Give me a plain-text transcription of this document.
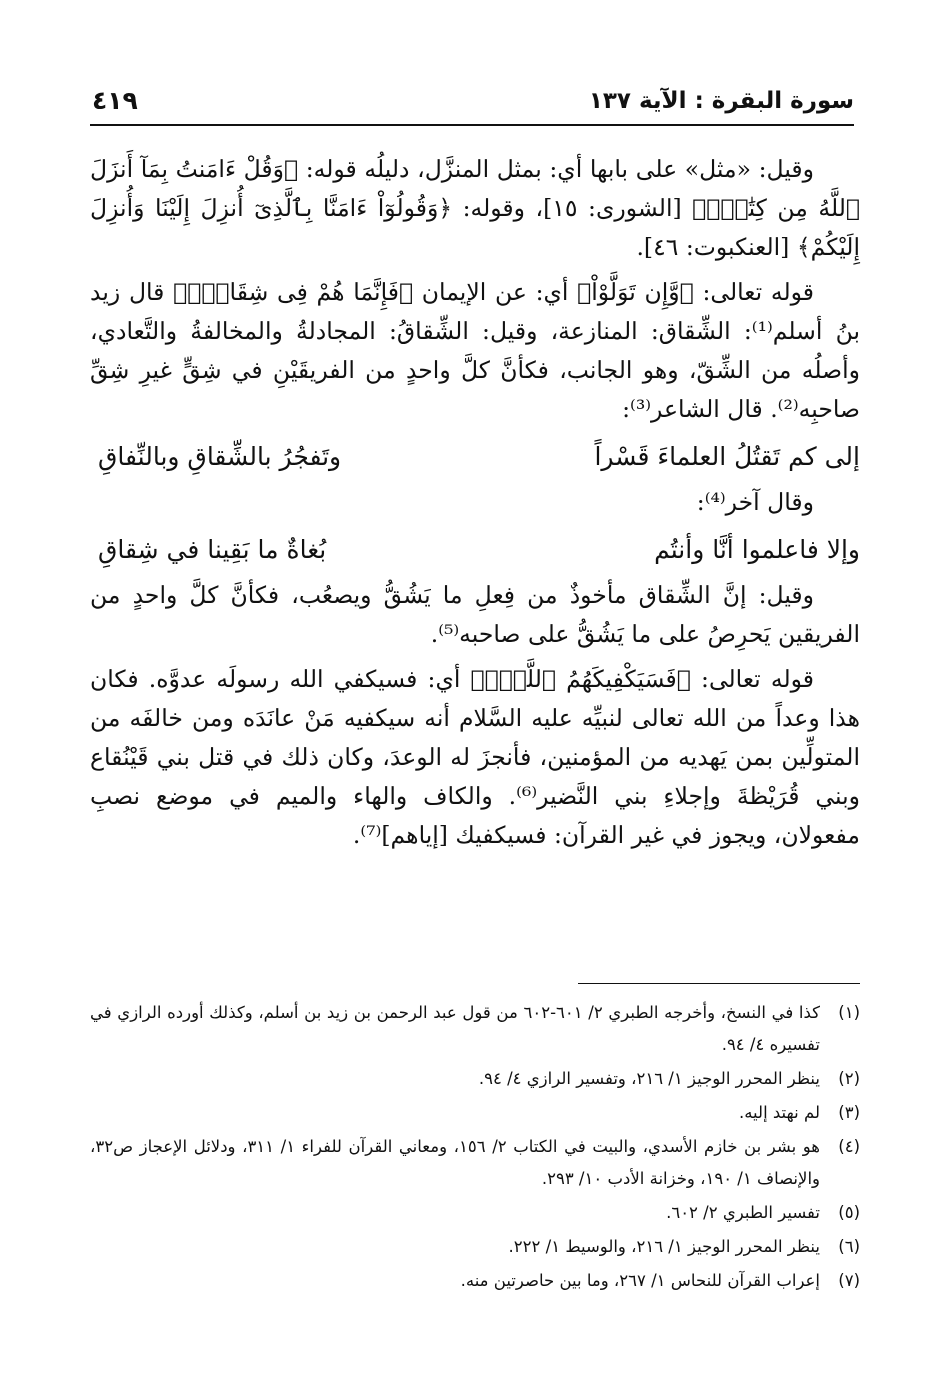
سورة البقرة : الآية ١٣٧
٤١٩

وقيل: «مثل» على بابها أي: بمثل المنزَّل، دليلُه قوله: ﴿وَقُلْ ءَامَنتُ بِمَآ أَنزَلَ ٱللَّهُ مِن كِتَٰبٍۖ﴾ [الشورى: ١٥]، وقوله: ﴿وَقُولُوٓاْ ءَامَنَّا بِٱلَّذِىٓ أُنزِلَ إِلَيْنَا وَأُنزِلَ إِلَيْكُمْ﴾ [العنكبوت: ٤٦].

قوله تعالى: ﴿وَّإِن تَوَلَّوْاْ﴾ أي: عن الإيمان ﴿فَإِنَّمَا هُمْ فِى شِقَاقٍۖ﴾ قال زيد بنُ أسلم⁽¹⁾: الشِّقاق: المنازعة، وقيل: الشِّقاقُ: المجادلةُ والمخالفةُ والتَّعادي، وأصلُه من الشِّقّ، وهو الجانب، فكأنَّ كلَّ واحدٍ من الفريقَيْنِ في شِقٍّ غيرِ شِقِّ صاحبِه⁽²⁾. قال الشاعر⁽³⁾:

إلى كم تَقتُلُ العلماءَ قَسْراً
وتَفجُرُ بالشِّقاقِ وبالنِّفاقِ

وقال آخر⁽⁴⁾:

وإلا فاعلموا أنَّا وأنتُم
بُغاةٌ ما بَقِينا في شِقاقِ

وقيل: إنَّ الشِّقاق مأخوذٌ من فِعلِ ما يَشُقُّ ويصعُب، فكأنَّ كلَّ واحدٍ من الفريقين يَحرِصُ على ما يَشُقُّ على صاحبه⁽⁵⁾.

قوله تعالى: ﴿فَسَيَكْفِيكَهُمُ ٱللَّهُۚ﴾ أي: فسيكفي الله رسولَه عدوَّه. فكان هذا وعداً من الله تعالى لنبيِّه عليه السَّلام أنه سيكفيه مَنْ عانَدَه ومن خالفَه من المتولِّين بمن يَهديه من المؤمنين، فأنجزَ له الوعدَ، وكان ذلك في قتل بني قَيْنُقاع وبني قُرَيْظةَ وإجلاءِ بني النَّضير⁽⁶⁾. والكاف والهاء والميم في موضع نصبِ مفعولان، ويجوز في غير القرآن: فسيكفيك [إياهم]⁽⁷⁾.

(١)
كذا في النسخ، وأخرجه الطبري ٢/ ٦٠١-٦٠٢ من قول عبد الرحمن بن زيد بن أسلم، وكذلك أورده الرازي في تفسيره ٤/ ٩٤.
(٢)
ينظر المحرر الوجيز ١/ ٢١٦، وتفسير الرازي ٤/ ٩٤.
(٣)
لم نهتد إليه.
(٤)
هو بشر بن خازم الأسدي، والبيت في الكتاب ٢/ ١٥٦، ومعاني القرآن للفراء ١/ ٣١١، ودلائل الإعجاز ص٣٢، والإنصاف ١/ ١٩٠، وخزانة الأدب ١٠/ ٢٩٣.
(٥)
تفسير الطبري ٢/ ٦٠٢.
(٦)
ينظر المحرر الوجيز ١/ ٢١٦، والوسيط ١/ ٢٢٢.
(٧)
إعراب القرآن للنحاس ١/ ٢٦٧، وما بين حاصرتين منه.
